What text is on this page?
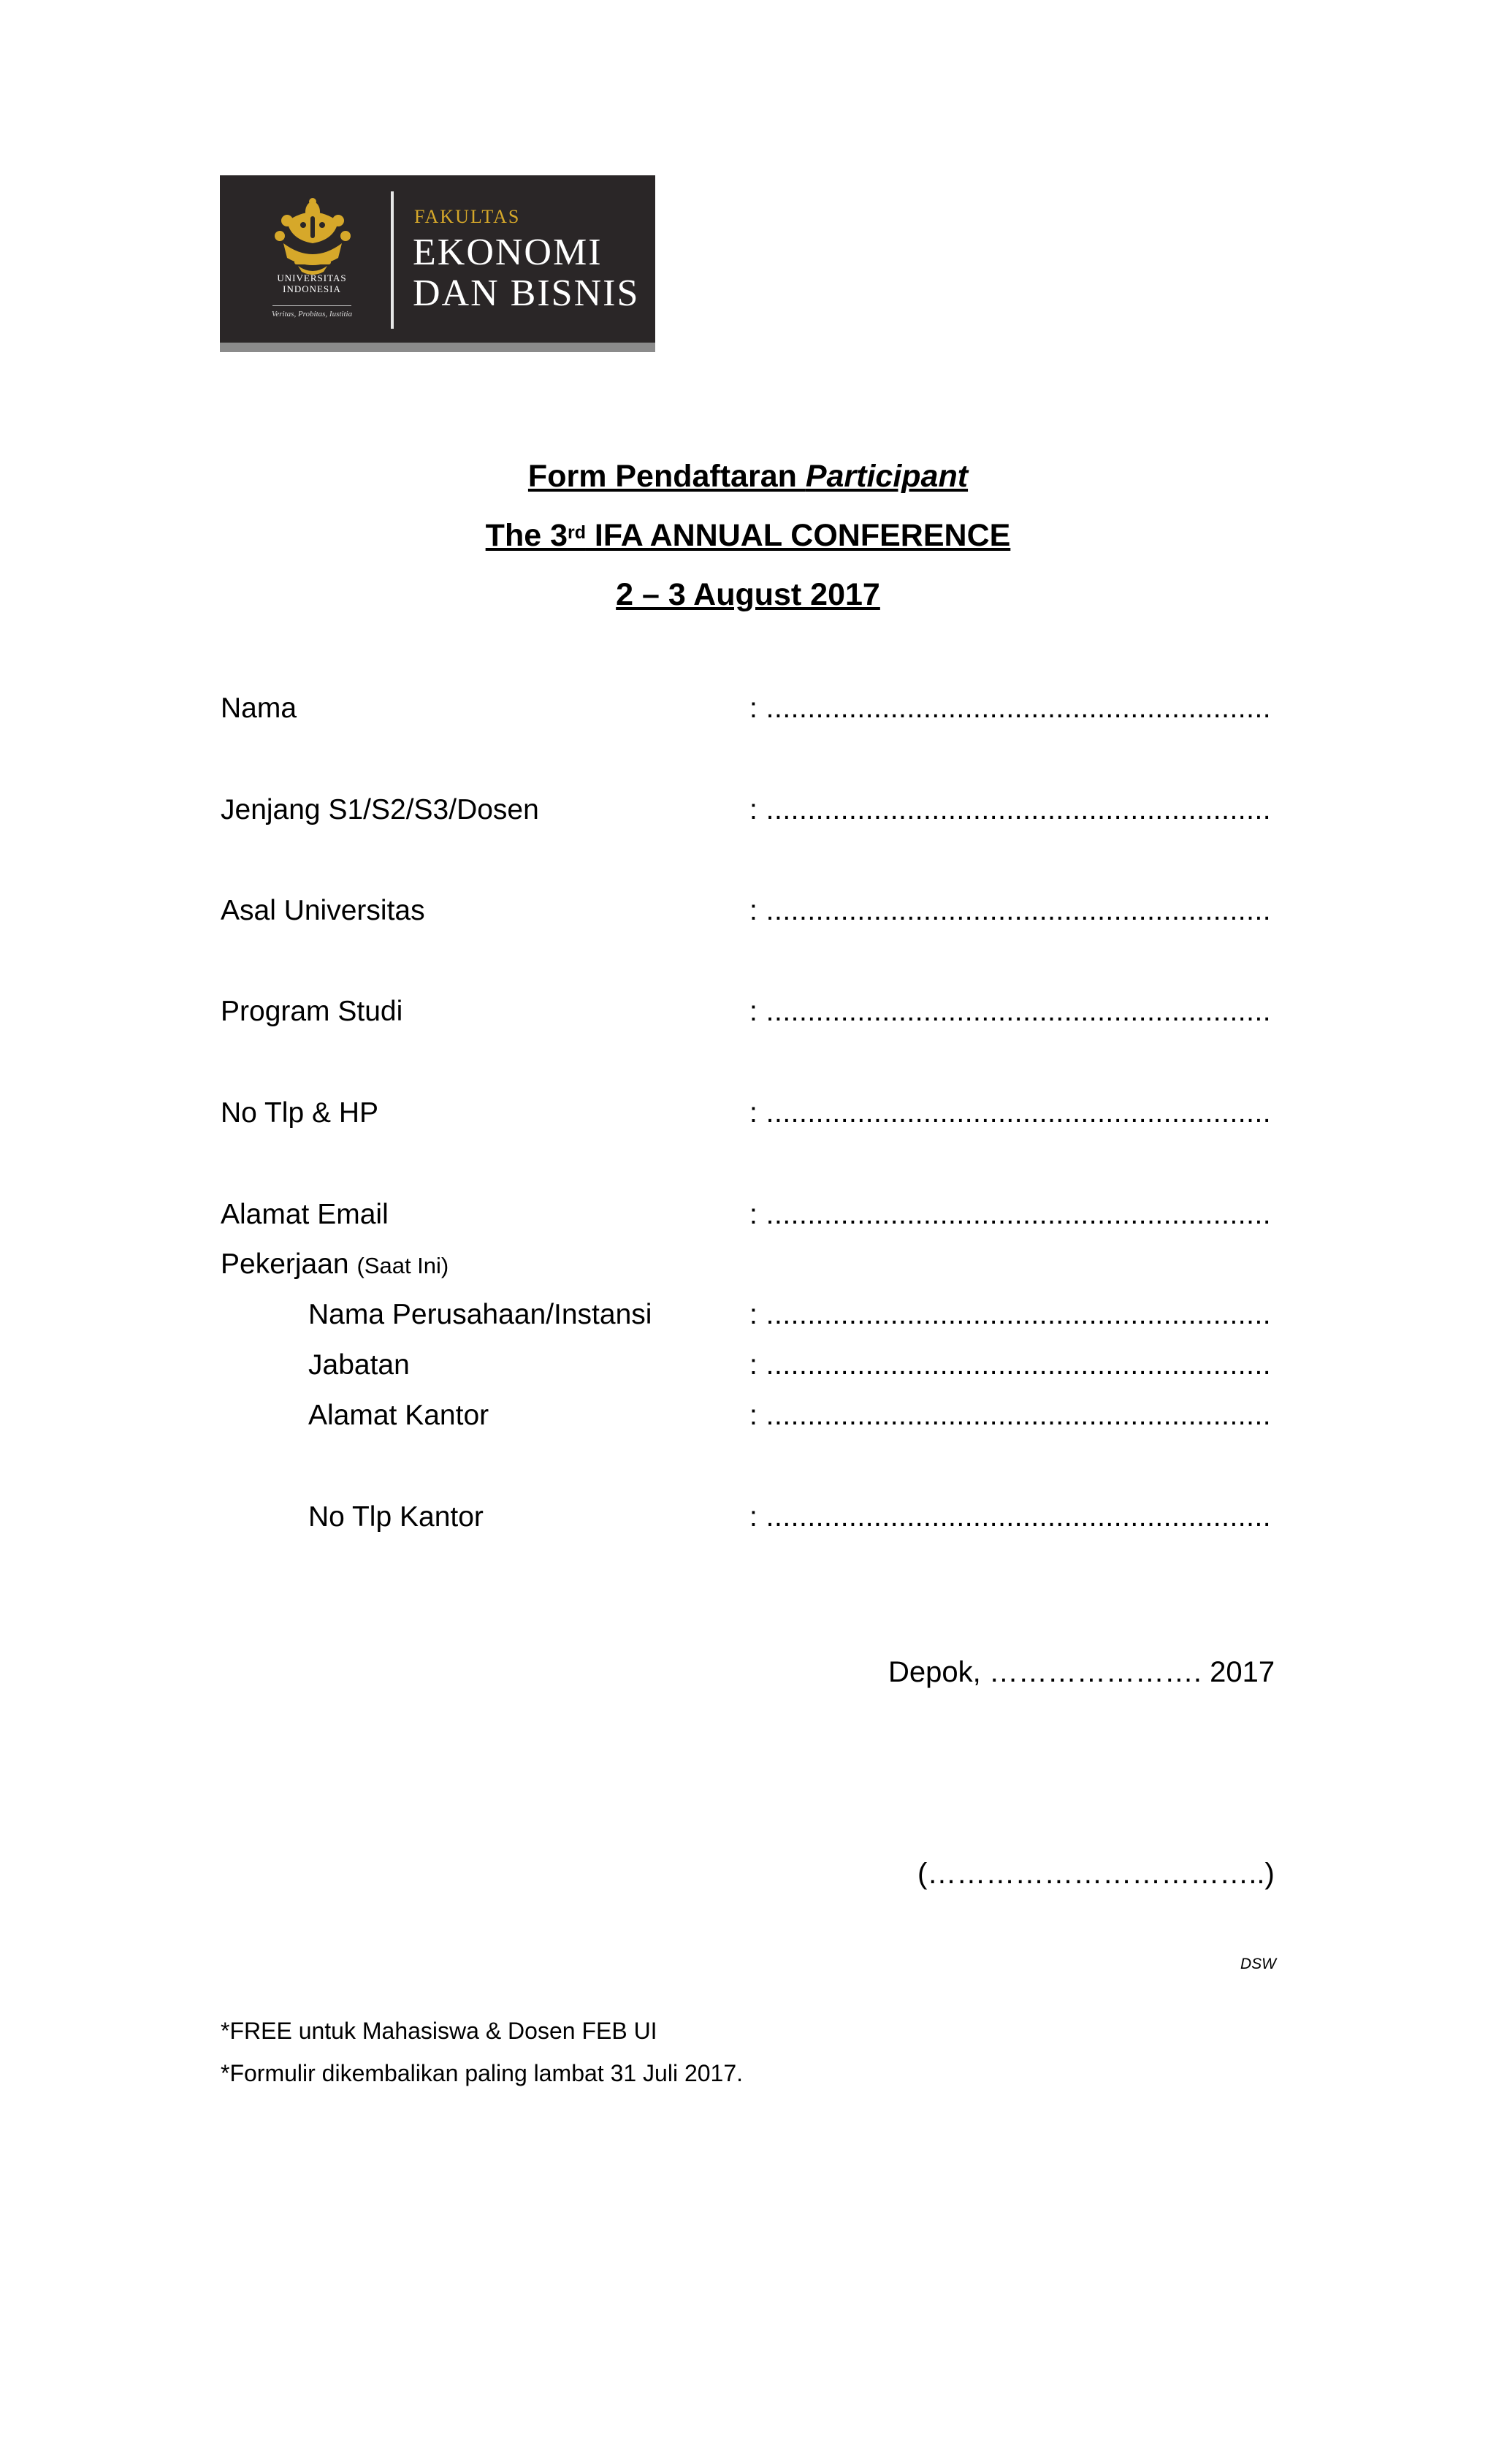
UNIVERSITAS INDONESIA
Veritas, Probitas, Iustitia
FAKULTAS
EKONOMI
DAN BISNIS
Form Pendaftaran Participant
The 3rd IFA ANNUAL CONFERENCE
2 – 3 August 2017
Nama	: .............................................................
Jenjang S1/S2/S3/Dosen	: .............................................................
Asal Universitas	: .............................................................
Program Studi	: .............................................................
No Tlp & HP	: .............................................................
Alamat Email	: .............................................................
Pekerjaan (Saat Ini)
Nama Perusahaan/Instansi	: .............................................................
Jabatan	: .............................................................
Alamat Kantor	: .............................................................
No Tlp Kantor	: .............................................................
Depok, …………………. 2017
(……………………………..)
DSW
*FREE untuk Mahasiswa & Dosen FEB UI
*Formulir dikembalikan paling lambat 31 Juli 2017.
